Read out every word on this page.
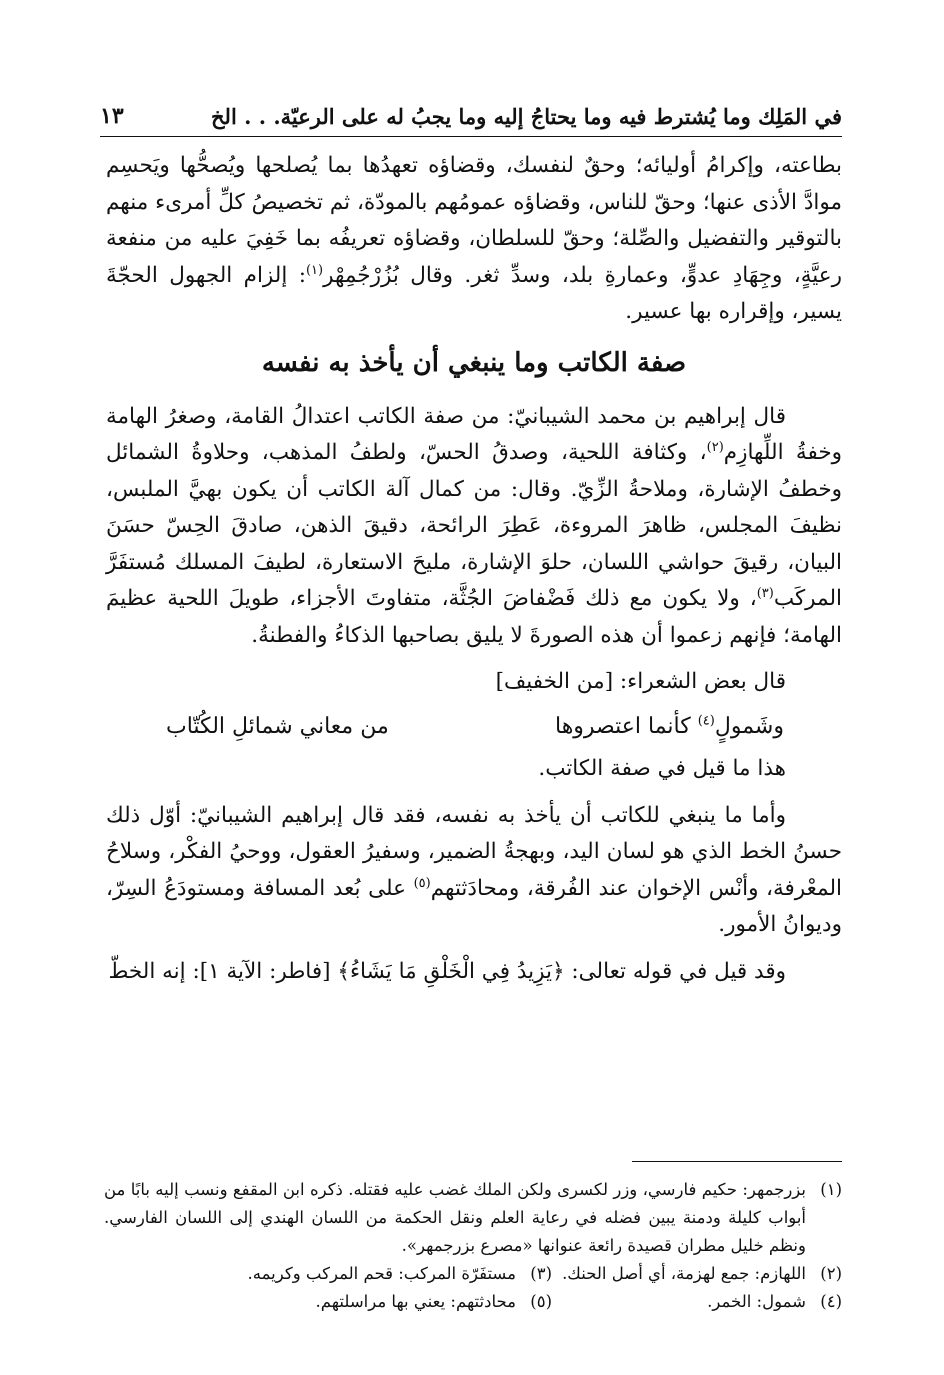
في المَلِك وما يُشترط فيه وما يحتاجُ إليه وما يجبُ له على الرعيّة. . . الخ
١٣

بطاعته، وإكرامُ أوليائه؛ وحقٌ لنفسك، وقضاؤه تعهدُها بما يُصلحها ويُصحُّها ويَحسِم موادَّ الأذى عنها؛ وحقّ للناس، وقضاؤه عمومُهم بالمودّة، ثم تخصيصُ كلِّ أمرىء منهم بالتوقير والتفضيل والصِّلة؛ وحقّ للسلطان، وقضاؤه تعريفُه بما خَفِيَ عليه من منفعة رعيَّةٍ، وجِهَادِ عدوٍّ، وعمارةِ بلد، وسدِّ ثغر. وقال بُزُرْجُمِهْر$^{(١)}$: إلزام الجهول الحجّةَ يسير، وإقراره بها عسير.

صفة الكاتب وما ينبغي أن يأخذ به نفسه

قال إبراهيم بن محمد الشيبانيّ: من صفة الكاتب اعتدالُ القامة، وصغرُ الهامة وخفةُ اللِّهازِم$^{(٢)}$، وكثافة اللحية، وصدقُ الحسّ، ولطفُ المذهب، وحلاوةُ الشمائل وخطفُ الإشارة، وملاحةُ الزِّيّ. وقال: من كمال آلة الكاتب أن يكون بهيَّ الملبس، نظيفَ المجلس، ظاهرَ المروءة، عَطِرَ الرائحة، دقيقَ الذهن، صادقَ الحِسّ حسَنَ البيان، رقيقَ حواشي اللسان، حلوَ الإشارة، مليحَ الاستعارة، لطيفَ المسلك مُستفَرَّ المركَب$^{(٣)}$، ولا يكون مع ذلك فَضْفاضَ الجُثَّة، متفاوتَ الأجزاء، طويلَ اللحية عظيمَ الهامة؛ فإنهم زعموا أن هذه الصورةَ لا يليق بصاحبها الذكاءُ والفطنةُ.

قال بعض الشعراء: [من الخفيف]

وشَمولٍ$^{(٤)}$ كأنما اعتصروها
من معاني شمائلِ الكُتّاب

هذا ما قيل في صفة الكاتب.

وأما ما ينبغي للكاتب أن يأخذ به نفسه، فقد قال إبراهيم الشيبانيّ: أوّل ذلك حسنُ الخط الذي هو لسان اليد، وبهجةُ الضمير، وسفيرُ العقول، ووحيُ الفكْر، وسلاحُ المعْرفة، وأنْس الإخوان عند الفُرقة، ومحادَثتهم$^{(٥)}$ على بُعد المسافة ومستودَعُ السِرّ، وديوانُ الأمور.

وقد قيل في قوله تعالى: ﴿يَزِيدُ فِي الْخَلْقِ مَا يَشَاءُ﴾ [فاطر: الآية ١]: إنه الخطّ

(١)
بزرجمهر: حكيم فارسي، وزر لكسرى ولكن الملك غضب عليه فقتله. ذكره ابن المقفع ونسب إليه بابًا من أبواب كليلة ودمنة يبين فضله في رعاية العلم ونقل الحكمة من اللسان الهندي إلى اللسان الفارسي. ونظم خليل مطران قصيدة رائعة عنوانها «مصرع بزرجمهر».
(٢)
اللهازم: جمع لهزمة، أي أصل الحنك.
(٣)
مستفَرّة المركب: قحم المركب وكريمه.
(٤)
شمول: الخمر.
(٥)
محادثتهم: يعني بها مراسلتهم.
